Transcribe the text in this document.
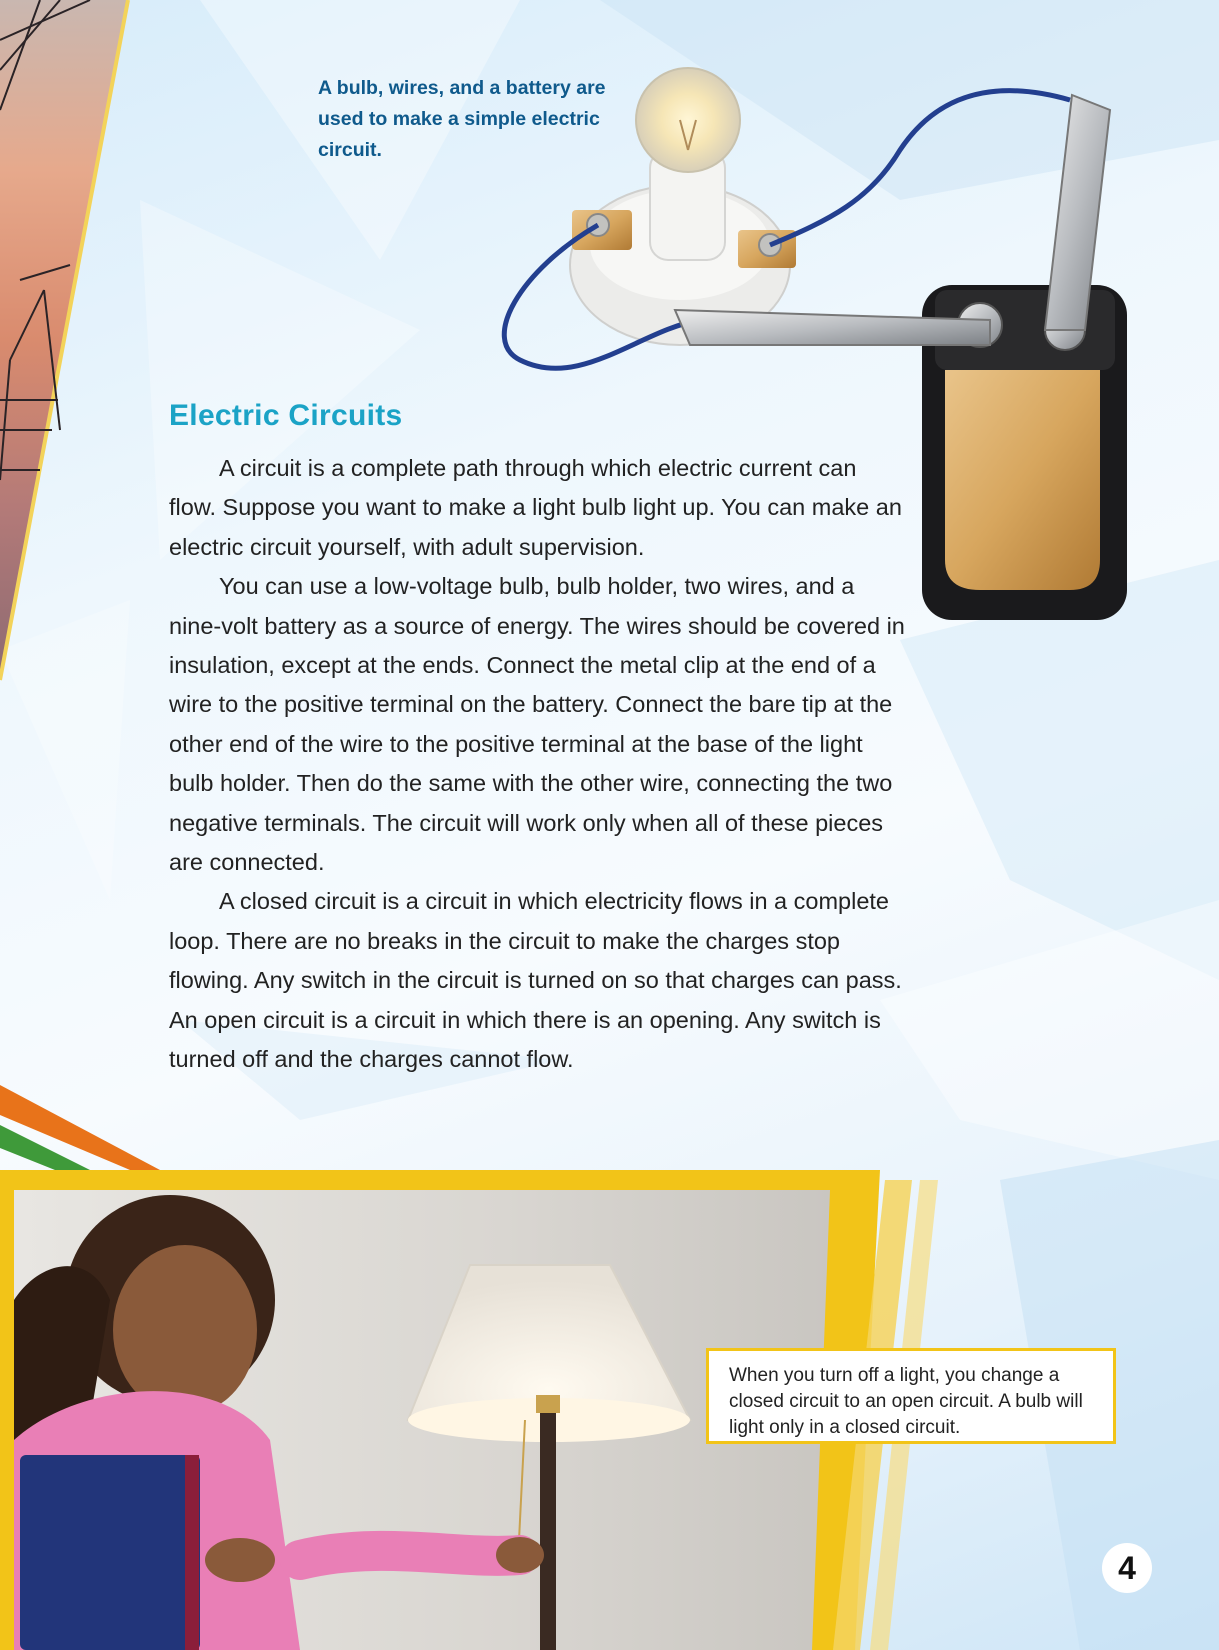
A bulb, wires, and a battery are used to make a simple electric circuit.
Electric Circuits

A circuit is a complete path through which electric current can flow. Suppose you want to make a light bulb light up. You can make an electric circuit yourself, with adult supervision.

You can use a low-voltage bulb, bulb holder, two wires, and a nine-volt battery as a source of energy. The wires should be covered in insulation, except at the ends. Connect the metal clip at the end of a wire to the positive terminal on the battery. Connect the bare tip at the other end of the wire to the positive terminal at the base of the light bulb holder. Then do the same with the other wire, connecting the two negative terminals. The circuit will work only when all of these pieces are connected.

A closed circuit is a circuit in which electricity flows in a complete loop. There are no breaks in the circuit to make the charges stop flowing. Any switch in the circuit is turned on so that charges can pass. An open circuit is a circuit in which there is an opening. Any switch is turned off and the charges cannot flow.

When you turn off a light, you change a closed circuit to an open circuit. A bulb will light only in a closed circuit.
4
